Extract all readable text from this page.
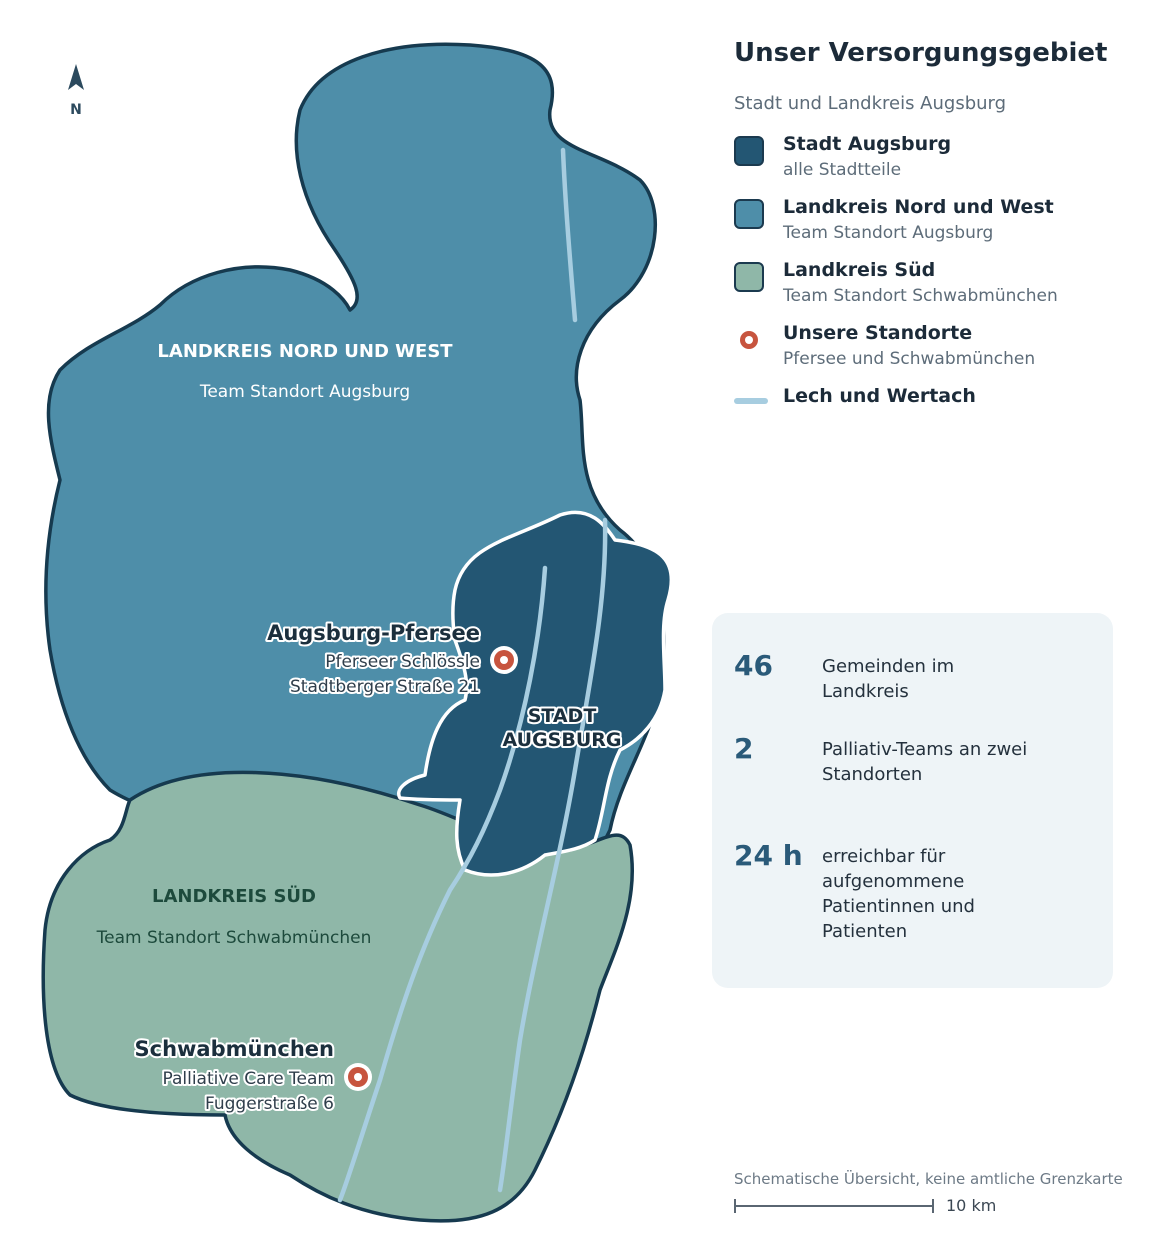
N
LANDKREIS NORD UND WEST
Team Standort Augsburg
LANDKREIS SÜD
Team Standort Schwabmünchen
STADT
AUGSBURG
Augsburg-Pfersee
Pferseer Schlössle
Stadtberger Straße 21
Schwabmünchen
Palliative Care Team
Fuggerstraße 6
Unser Versorgungsgebiet
Stadt und Landkreis Augsburg
Stadt Augsburg
alle Stadtteile
Landkreis Nord und West
Team Standort Augsburg
Landkreis Süd
Team Standort Schwabmünchen
Unsere Standorte
Pfersee und Schwabmünchen
Lech und Wertach
46	Gemeinden im Landkreis
2	Palliativ-Teams an zwei Standorten
24 h erreichbar für aufgenommene Patientinnen und Patienten
Schematische Übersicht, keine amtliche Grenzkarte
10 km
